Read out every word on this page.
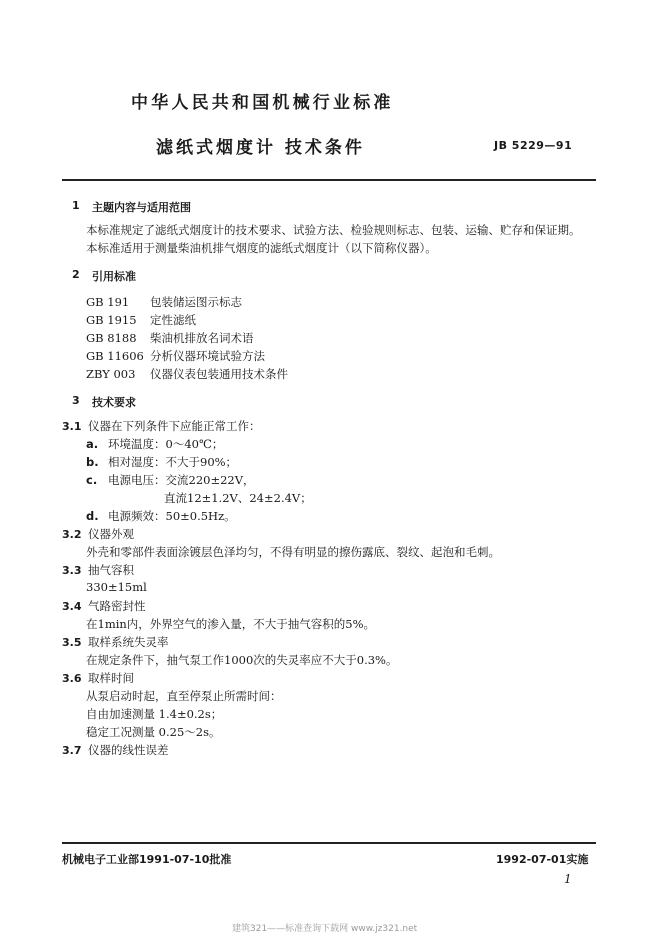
中华人民共和国机械行业标准
滤纸式烟度计 技术条件	JB 5229—91
1 主题内容与适用范围
本标准规定了滤纸式烟度计的技术要求、试验方法、检验规则标志、包装、运输、贮存和保证期。
本标准适用于测量柴油机排气烟度的滤纸式烟度计（以下简称仪器）。
2 引用标准
GB 191 包装储运图示标志
GB 1915 定性滤纸
GB 8188 柴油机排放名词术语
GB 11606 分析仪器环境试验方法
ZBY 003 仪器仪表包装通用技术条件
3 技术要求
3.1 仪器在下列条件下应能正常工作：
a. 环境温度：0～40℃；
b. 相对湿度：不大于90%；
c. 电源电压：交流220±22V，
直流12±1.2V、24±2.4V；
d. 电源频效：50±0.5Hz。
3.2 仪器外观
外壳和零部件表面涂镀层色泽均匀，不得有明显的擦伤露底、裂纹、起泡和毛刺。
3.3 抽气容积
330±15ml
3.4 气路密封性
在1min内，外界空气的渗入量，不大于抽气容积的5%。
3.5 取样系统失灵率
在规定条件下，抽气泵工作1000次的失灵率应不大于0.3%。
3.6 取样时间
从泵启动时起，直至停泵止所需时间：
自由加速测量 1.4±0.2s；
稳定工况测量 0.25～2s。
3.7 仪器的线性误差
机械电子工业部1991-07-10批准	1992-07-01实施
1
建筑321——标准查询下载网 www.jz321.net
